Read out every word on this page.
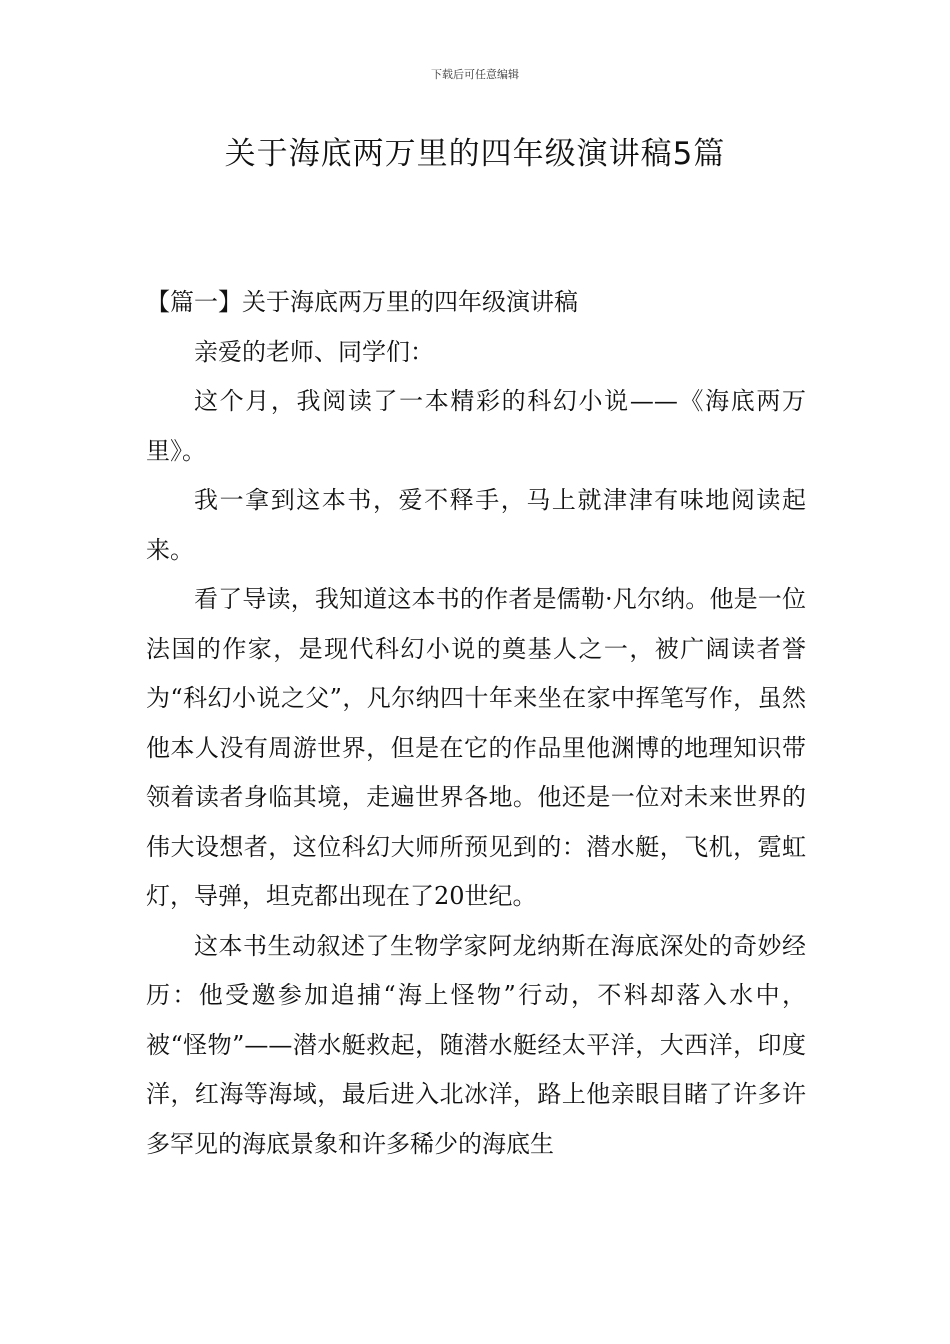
下载后可任意编辑
关于海底两万里的四年级演讲稿5篇

【篇一】关于海底两万里的四年级演讲稿

亲爱的老师、同学们：

这个月，我阅读了一本精彩的科幻小说——《海底两万里》。

我一拿到这本书，爱不释手，马上就津津有味地阅读起来。

看了导读，我知道这本书的作者是儒勒·凡尔纳。他是一位法国的作家，是现代科幻小说的奠基人之一，被广阔读者誉为“科幻小说之父”，凡尔纳四十年来坐在家中挥笔写作，虽然他本人没有周游世界，但是在它的作品里他渊博的地理知识带领着读者身临其境，走遍世界各地。他还是一位对未来世界的伟大设想者，这位科幻大师所预见到的：潜水艇，飞机，霓虹灯，导弹，坦克都出现在了20世纪。

这本书生动叙述了生物学家阿龙纳斯在海底深处的奇妙经历：他受邀参加追捕“海上怪物”行动，不料却落入水中，被“怪物”——潜水艇救起，随潜水艇经太平洋，大西洋，印度洋，红海等海域，最后进入北冰洋，路上他亲眼目睹了许多许多罕见的海底景象和许多稀少的海底生
